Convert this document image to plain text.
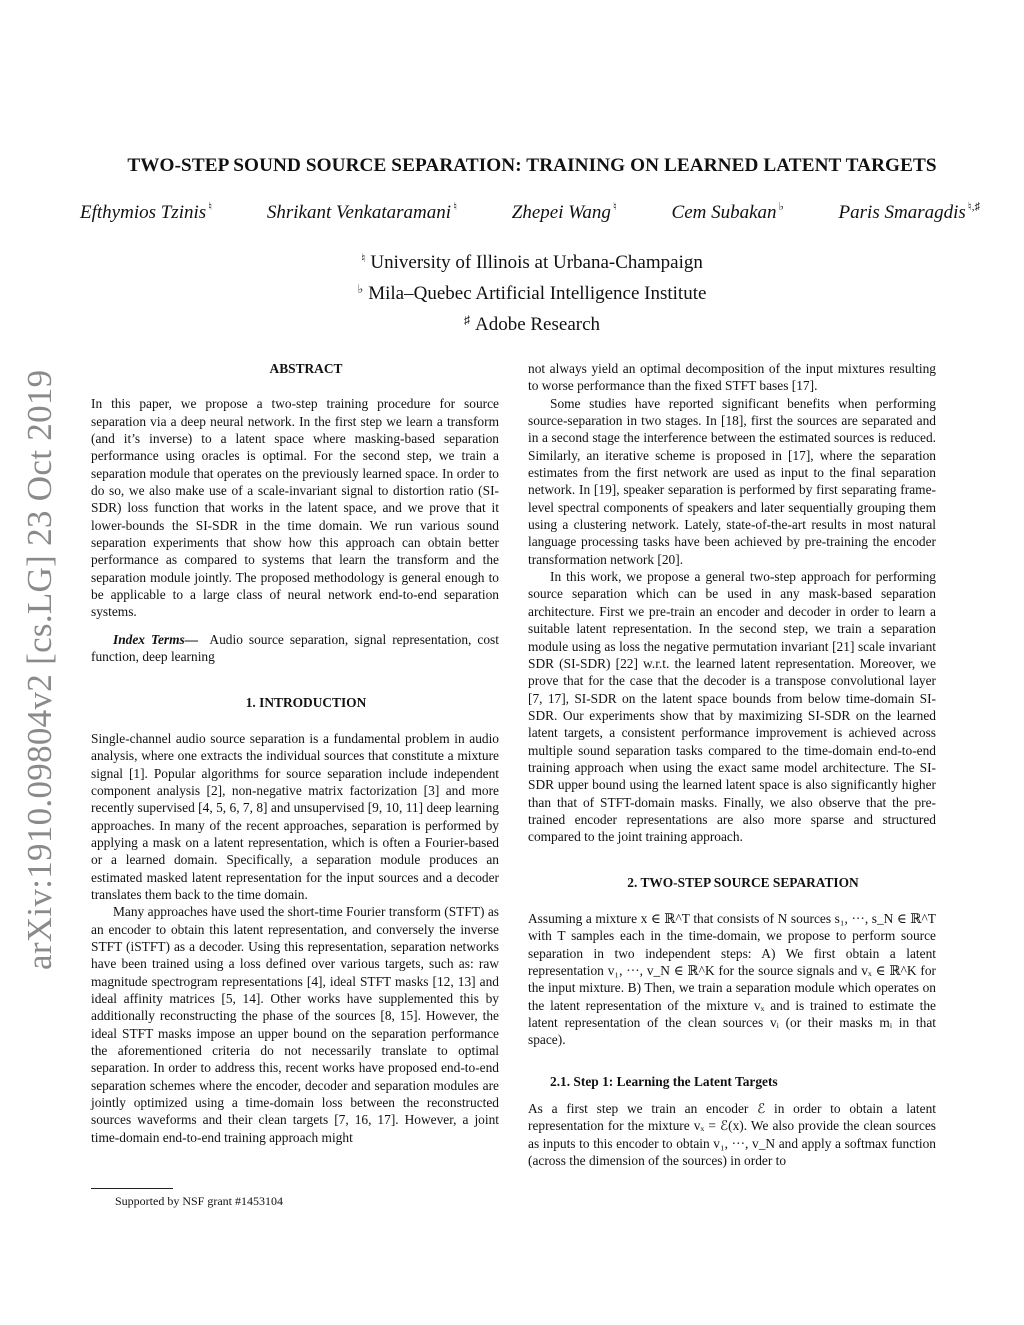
arXiv:1910.09804v2 [cs.LG] 23 Oct 2019
TWO-STEP SOUND SOURCE SEPARATION: TRAINING ON LEARNED LATENT TARGETS
Efthymios Tzinis ♮	Shrikant Venkataramani ♮	Zhepei Wang ♮	Cem Subakan ♭	Paris Smaragdis ♮,♯
♮ University of Illinois at Urbana-Champaign
♭ Mila–Quebec Artificial Intelligence Institute
♯ Adobe Research

ABSTRACT

In this paper, we propose a two-step training procedure for source separation via a deep neural network. In the first step we learn a transform (and it’s inverse) to a latent space where masking-based separation performance using oracles is optimal. For the second step, we train a separation module that operates on the previously learned space. In order to do so, we also make use of a scale-invariant signal to distortion ratio (SI-SDR) loss function that works in the latent space, and we prove that it lower-bounds the SI-SDR in the time domain. We run various sound separation experiments that show how this approach can obtain better performance as compared to systems that learn the transform and the separation module jointly. The proposed methodology is general enough to be applicable to a large class of neural network end-to-end separation systems.

Index Terms— Audio source separation, signal representation, cost function, deep learning

1. INTRODUCTION

Single-channel audio source separation is a fundamental problem in audio analysis, where one extracts the individual sources that constitute a mixture signal [1]. Popular algorithms for source separation include independent component analysis [2], non-negative matrix factorization [3] and more recently supervised [4, 5, 6, 7, 8] and unsupervised [9, 10, 11] deep learning approaches. In many of the recent approaches, separation is performed by applying a mask on a latent representation, which is often a Fourier-based or a learned domain. Specifically, a separation module produces an estimated masked latent representation for the input sources and a decoder translates them back to the time domain.

Many approaches have used the short-time Fourier transform (STFT) as an encoder to obtain this latent representation, and conversely the inverse STFT (iSTFT) as a decoder. Using this representation, separation networks have been trained using a loss defined over various targets, such as: raw magnitude spectrogram representations [4], ideal STFT masks [12, 13] and ideal affinity matrices [5, 14]. Other works have supplemented this by additionally reconstructing the phase of the sources [8, 15]. However, the ideal STFT masks impose an upper bound on the separation performance the aforementioned criteria do not necessarily translate to optimal separation. In order to address this, recent works have proposed end-to-end separation schemes where the encoder, decoder and separation modules are jointly optimized using a time-domain loss between the reconstructed sources waveforms and their clean targets [7, 16, 17]. However, a joint time-domain end-to-end training approach might

not always yield an optimal decomposition of the input mixtures resulting to worse performance than the fixed STFT bases [17].

Some studies have reported significant benefits when performing source-separation in two stages. In [18], first the sources are separated and in a second stage the interference between the estimated sources is reduced. Similarly, an iterative scheme is proposed in [17], where the separation estimates from the first network are used as input to the final separation network. In [19], speaker separation is performed by first separating frame-level spectral components of speakers and later sequentially grouping them using a clustering network. Lately, state-of-the-art results in most natural language processing tasks have been achieved by pre-training the encoder transformation network [20].

In this work, we propose a general two-step approach for performing source separation which can be used in any mask-based separation architecture. First we pre-train an encoder and decoder in order to learn a suitable latent representation. In the second step, we train a separation module using as loss the negative permutation invariant [21] scale invariant SDR (SI-SDR) [22] w.r.t. the learned latent representation. Moreover, we prove that for the case that the decoder is a transpose convolutional layer [7, 17], SI-SDR on the latent space bounds from below time-domain SI-SDR. Our experiments show that by maximizing SI-SDR on the learned latent targets, a consistent performance improvement is achieved across multiple sound separation tasks compared to the time-domain end-to-end training approach when using the exact same model architecture. The SI-SDR upper bound using the learned latent space is also significantly higher than that of STFT-domain masks. Finally, we also observe that the pre-trained encoder representations are also more sparse and structured compared to the joint training approach.

2. TWO-STEP SOURCE SEPARATION

Assuming a mixture x ∈ ℝ^T that consists of N sources s₁, ···, s_N ∈ ℝ^T with T samples each in the time-domain, we propose to perform source separation in two independent steps: A) We first obtain a latent representation v₁, ···, v_N ∈ ℝ^K for the source signals and vₓ ∈ ℝ^K for the input mixture. B) Then, we train a separation module which operates on the latent representation of the mixture vₓ and is trained to estimate the latent representation of the clean sources vᵢ (or their masks mᵢ in that space).

2.1. Step 1: Learning the Latent Targets

As a first step we train an encoder ℰ in order to obtain a latent representation for the mixture vₓ = ℰ(x). We also provide the clean sources as inputs to this encoder to obtain v₁, ···, v_N and apply a softmax function (across the dimension of the sources) in order to

Supported by NSF grant #1453104
